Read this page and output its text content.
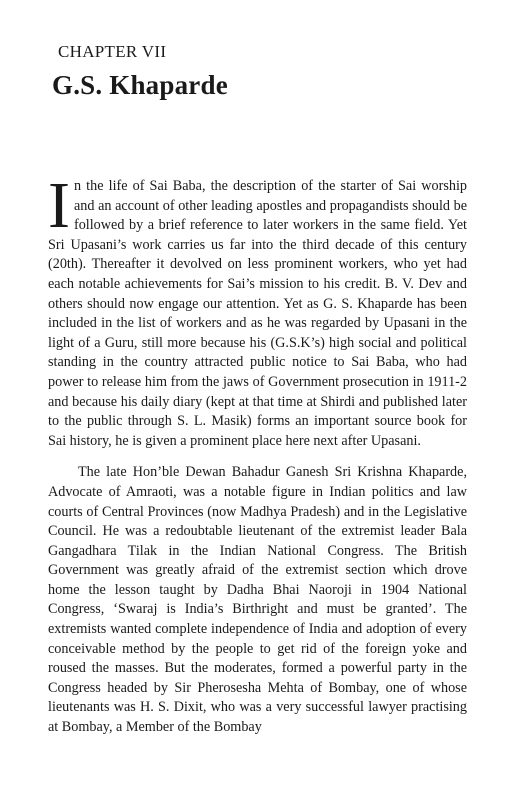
CHAPTER VII
G.S. Khaparde

In the life of Sai Baba, the description of the starter of Sai worship and an account of other leading apostles and propagandists should be followed by a brief reference to later workers in the same field. Yet Sri Upasani’s work carries us far into the third decade of this century (20th). Thereafter it devolved on less prominent workers, who yet had each notable achievements for Sai’s mission to his credit. B. V. Dev and others should now engage our attention. Yet as G. S. Khaparde has been included in the list of workers and as he was regarded by Upasani in the light of a Guru, still more because his (G.S.K’s) high social and political standing in the country attracted public notice to Sai Baba, who had power to release him from the jaws of Government prosecution in 1911-2 and because his daily diary (kept at that time at Shirdi and published later to the public through S. L. Masik) forms an important source book for Sai history, he is given a prominent place here next after Upasani.

The late Hon’ble Dewan Bahadur Ganesh Sri Krishna Khaparde, Advocate of Amraoti, was a notable figure in Indian politics and law courts of Central Provinces (now Madhya Pradesh) and in the Legislative Council. He was a redoubtable lieutenant of the extremist leader Bala Gangadhara Tilak in the Indian National Congress. The British Government was greatly afraid of the extremist section which drove home the lesson taught by Dadha Bhai Naoroji in 1904 National Congress, ‘Swaraj is India’s Birthright and must be granted’. The extremists wanted complete independence of India and adoption of every conceivable method by the people to get rid of the foreign yoke and roused the masses. But the moderates, formed a powerful party in the Congress headed by Sir Pherosesha Mehta of Bombay, one of whose lieutenants was H. S. Dixit, who was a very successful lawyer practising at Bombay, a Member of the Bombay
